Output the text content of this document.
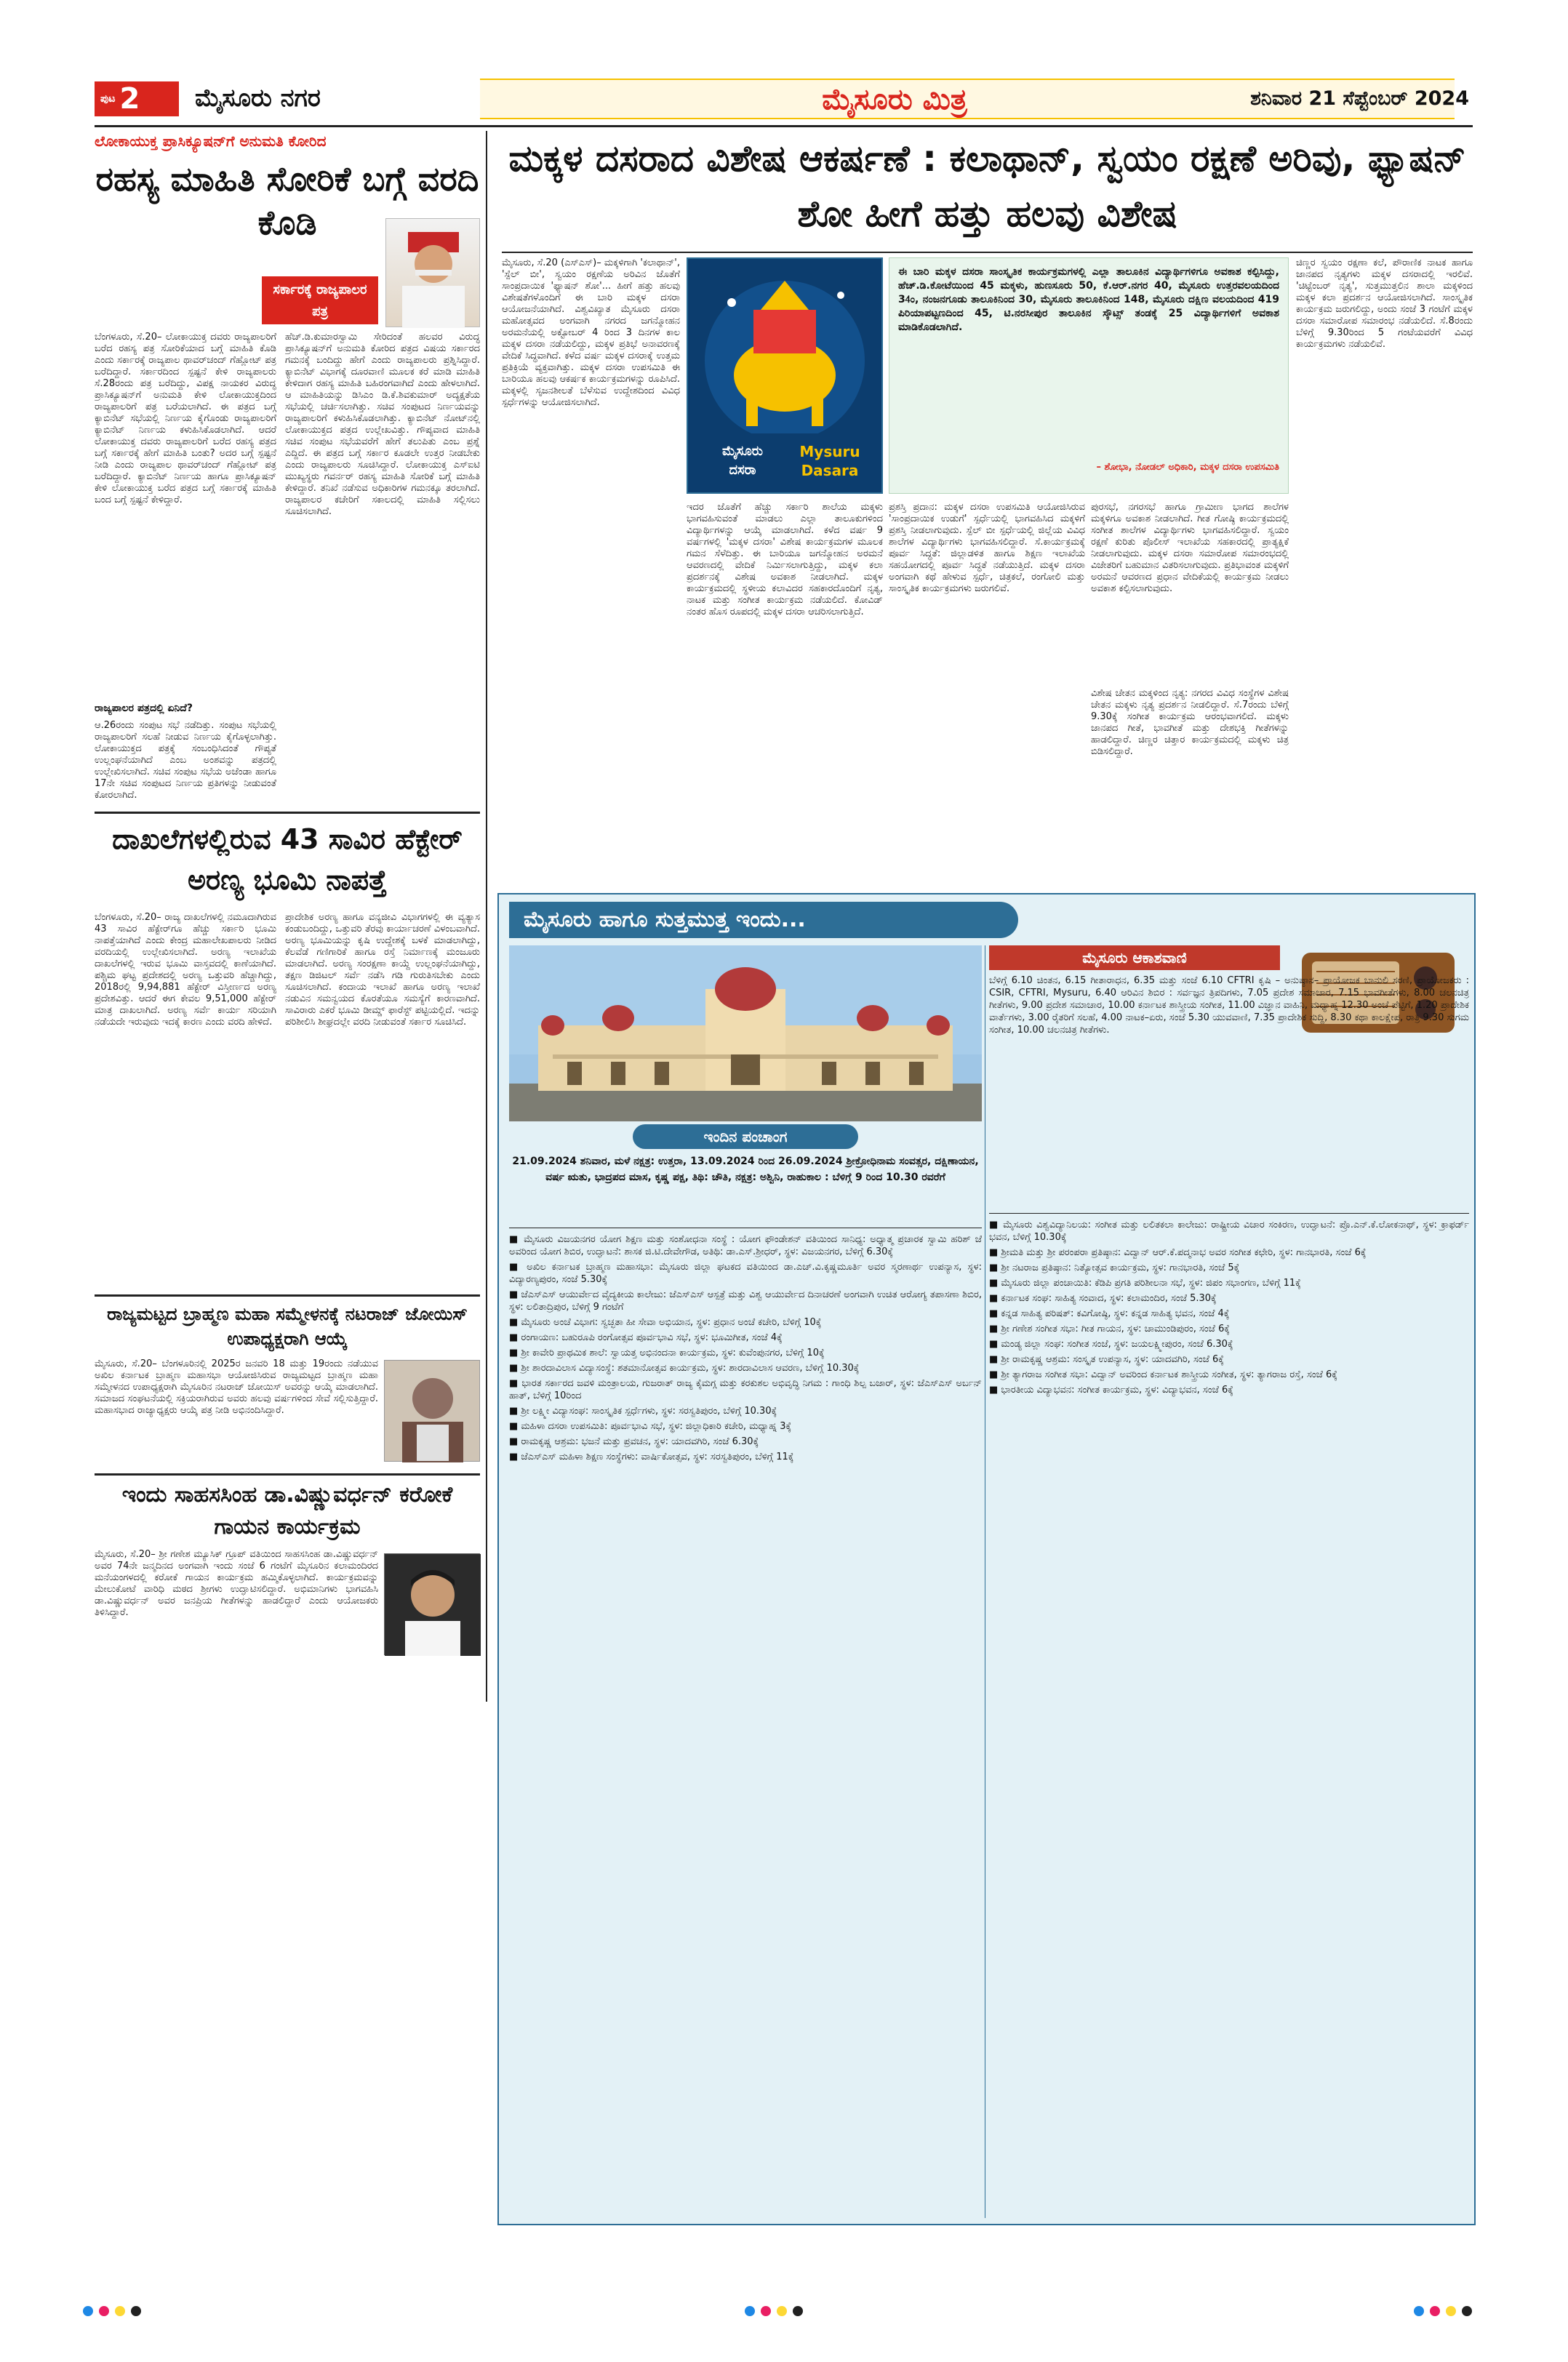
ಪುಟ 2 ಮೈಸೂರು ನಗರ	ಮೈಸೂರು ಮಿತ್ರ	ಶನಿವಾರ 21 ಸೆಪ್ಟೆಂಬರ್ 2024
ಲೋಕಾಯುಕ್ತ ಪ್ರಾಸಿಕ್ಯೂಷನ್‌ಗೆ ಅನುಮತಿ ಕೋರಿದ
ರಹಸ್ಯ ಮಾಹಿತಿ ಸೋರಿಕೆ ಬಗ್ಗೆ ವರದಿ ಕೊಡಿ
ಸರ್ಕಾರಕ್ಕೆ ರಾಜ್ಯಪಾಲರ ಪತ್ರ
ಬೆಂಗಳೂರು, ಸೆ.20– ಲೋಕಾಯುಕ್ತ ದವರು ರಾಜ್ಯಪಾಲರಿಗೆ ಬರೆದ ರಹಸ್ಯ ಪತ್ರ ಸೋರಿಕೆಯಾದ ಬಗ್ಗೆ ಮಾಹಿತಿ ಕೊಡಿ ಎಂದು ಸರ್ಕಾರಕ್ಕೆ ರಾಜ್ಯಪಾಲ ಥಾವರ್‌ಚಂದ್ ಗೆಹ್ಲೋಟ್ ಪತ್ರ ಬರೆದಿದ್ದಾರೆ. ಸರ್ಕಾರದಿಂದ ಸ್ಪಷ್ಟನೆ ಕೇಳಿ ರಾಜ್ಯಪಾಲರು ಸೆ.28ರಂದು ಪತ್ರ ಬರೆದಿದ್ದು, ವಿಪಕ್ಷ ನಾಯಕರ ವಿರುದ್ಧ ಪ್ರಾಸಿಕ್ಯೂಷನ್‌ಗೆ ಅನುಮತಿ ಕೇಳಿ ಲೋಕಾಯುಕ್ತದಿಂದ ರಾಜ್ಯಪಾಲರಿಗೆ ಪತ್ರ ಬರೆಯಲಾಗಿದೆ. ಈ ಪತ್ರದ ಬಗ್ಗೆ ಕ್ಯಾಬಿನೆಟ್ ಸಭೆಯಲ್ಲಿ ನಿರ್ಣಯ ಕೈಗೊಂಡು ರಾಜ್ಯಪಾಲರಿಗೆ ಕ್ಯಾಬಿನೆಟ್ ನಿರ್ಣಯ ಕಳುಹಿಸಿಕೊಡಲಾಗಿದೆ. ಆದರೆ ಲೋಕಾಯುಕ್ತ ದವರು ರಾಜ್ಯಪಾಲರಿಗೆ ಬರೆದ ರಹಸ್ಯ ಪತ್ರದ ಬಗ್ಗೆ ಸರ್ಕಾರಕ್ಕೆ ಹೇಗೆ ಮಾಹಿತಿ ಬಂತು? ಅದರ ಬಗ್ಗೆ ಸ್ಪಷ್ಟನೆ ನೀಡಿ ಎಂದು ರಾಜ್ಯಪಾಲ ಥಾವರ್‌ಚಂದ್ ಗೆಹ್ಲೋಟ್ ಪತ್ರ ಬರೆದಿದ್ದಾರೆ. ಕ್ಯಾಬಿನೆಟ್ ನಿರ್ಣಯ ಹಾಗೂ ಪ್ರಾಸಿಕ್ಯೂಷನ್ ಕೇಳಿ ಲೋಕಾಯುಕ್ತ ಬರೆದ ಪತ್ರದ ಬಗ್ಗೆ ಸರ್ಕಾರಕ್ಕೆ ಮಾಹಿತಿ ಬಂದ ಬಗ್ಗೆ ಸ್ಪಷ್ಟನೆ ಕೇಳಿದ್ದಾರೆ.
ಹೆಚ್.ಡಿ.ಕುಮಾರಸ್ವಾಮಿ ಸೇರಿದಂತೆ ಹಲವರ ವಿರುದ್ಧ ಪ್ರಾಸಿಕ್ಯೂಷನ್‌ಗೆ ಅನುಮತಿ ಕೋರಿದ ಪತ್ರದ ವಿಷಯ ಸರ್ಕಾರದ ಗಮನಕ್ಕೆ ಬಂದಿದ್ದು ಹೇಗೆ ಎಂದು ರಾಜ್ಯಪಾಲರು ಪ್ರಶ್ನಿಸಿದ್ದಾರೆ. ಕ್ಯಾಬಿನೆಟ್ ವಿಭಾಗಕ್ಕೆ ದೂರವಾಣಿ ಮೂಲಕ ಕರೆ ಮಾಡಿ ಮಾಹಿತಿ ಕೇಳಿದಾಗ ರಹಸ್ಯ ಮಾಹಿತಿ ಬಹಿರಂಗವಾಗಿದೆ ಎಂದು ಹೇಳಲಾಗಿದೆ. ಆ ಮಾಹಿತಿಯನ್ನು ಡಿಸಿಎಂ ಡಿ.ಕೆ.ಶಿವಕುಮಾರ್ ಅದ್ಯಕ್ಷತೆಯ ಸಭೆಯಲ್ಲಿ ಚರ್ಚಿಸಲಾಗಿತ್ತು. ಸಚಿವ ಸಂಪುಟದ ನಿರ್ಣಯವನ್ನು ರಾಜ್ಯಪಾಲರಿಗೆ ಕಳುಹಿಸಿಕೊಡಲಾಗಿತ್ತು. ಕ್ಯಾಬಿನೆಟ್ ನೋಟ್‌ನಲ್ಲಿ ಲೋಕಾಯುಕ್ತದ ಪತ್ರದ ಉಲ್ಲೇಖವಿತ್ತು. ಗೌಪ್ಯವಾದ ಮಾಹಿತಿ ಸಚಿವ ಸಂಪುಟ ಸಭೆಯವರೆಗೆ ಹೇಗೆ ತಲುಪಿತು ಎಂಬ ಪ್ರಶ್ನೆ ಎದ್ದಿದೆ. ಈ ಪತ್ರದ ಬಗ್ಗೆ ಸರ್ಕಾರ ಕೂಡಲೇ ಉತ್ತರ ನೀಡಬೇಕು ಎಂದು ರಾಜ್ಯಪಾಲರು ಸೂಚಿಸಿದ್ದಾರೆ. ಲೋಕಾಯುಕ್ತ ಎಸ್‌ಐಟಿ ಮುಖ್ಯಸ್ಥರು ಗವರ್ನರ್ ರಹಸ್ಯ ಮಾಹಿತಿ ಸೋರಿಕೆ ಬಗ್ಗೆ ಮಾಹಿತಿ ಕೇಳಿದ್ದಾರೆ. ತನಿಖೆ ನಡೆಸುವ ಅಧಿಕಾರಿಗಳ ಗಮನಕ್ಕೂ ತರಲಾಗಿದೆ. ರಾಜ್ಯಪಾಲರ ಕಚೇರಿಗೆ ಸಕಾಲದಲ್ಲಿ ಮಾಹಿತಿ ಸಲ್ಲಿಸಲು ಸೂಚಿಸಲಾಗಿದೆ.
ರಾಜ್ಯಪಾಲರ ಪತ್ರದಲ್ಲಿ ಏನಿದೆ?
ಆ.26ರಂದು ಸಂಪುಟ ಸಭೆ ನಡೆದಿತ್ತು. ಸಂಪುಟ ಸಭೆಯಲ್ಲಿ ರಾಜ್ಯಪಾಲರಿಗೆ ಸಲಹೆ ನೀಡುವ ನಿರ್ಣಯ ಕೈಗೊಳ್ಳಲಾಗಿತ್ತು. ಲೋಕಾಯುಕ್ತದ ಪತ್ರಕ್ಕೆ ಸಂಬಂಧಿಸಿದಂತೆ ಗೌಪ್ಯತೆ ಉಲ್ಲಂಘನೆಯಾಗಿದೆ ಎಂಬ ಅಂಶವನ್ನು ಪತ್ರದಲ್ಲಿ ಉಲ್ಲೇಖಿಸಲಾಗಿದೆ. ಸಚಿವ ಸಂಪುಟ ಸಭೆಯ ಅಜೆಂಡಾ ಹಾಗೂ 17ನೇ ಸಚಿವ ಸಂಪುಟದ ನಿರ್ಣಯ ಪ್ರತಿಗಳನ್ನು ನೀಡುವಂತೆ ಕೋರಲಾಗಿದೆ.
ದಾಖಲೆಗಳಲ್ಲಿರುವ 43 ಸಾವಿರ ಹೆಕ್ಟೇರ್ ಅರಣ್ಯ ಭೂಮಿ ನಾಪತ್ತೆ
ಬೆಂಗಳೂರು, ಸೆ.20– ರಾಜ್ಯ ದಾಖಲೆಗಳಲ್ಲಿ ನಮೂದಾಗಿರುವ 43 ಸಾವಿರ ಹೆಕ್ಟೇರ್‌ಗೂ ಹೆಚ್ಚು ಸರ್ಕಾರಿ ಭೂಮಿ ನಾಪತ್ತೆಯಾಗಿದೆ ಎಂದು ಕೇಂದ್ರ ಮಹಾಲೇಖಪಾಲರು ನೀಡಿದ ವರದಿಯಲ್ಲಿ ಉಲ್ಲೇಖಿಸಲಾಗಿದೆ. ಅರಣ್ಯ ಇಲಾಖೆಯ ದಾಖಲೆಗಳಲ್ಲಿ ಇರುವ ಭೂಮಿ ವಾಸ್ತವದಲ್ಲಿ ಕಾಣೆಯಾಗಿದೆ. ಪಶ್ಚಿಮ ಘಟ್ಟ ಪ್ರದೇಶದಲ್ಲಿ ಅರಣ್ಯ ಒತ್ತುವರಿ ಹೆಚ್ಚಾಗಿದ್ದು, 2018ರಲ್ಲಿ 9,94,881 ಹೆಕ್ಟೇರ್ ವಿಸ್ತೀರ್ಣದ ಅರಣ್ಯ ಪ್ರದೇಶವಿತ್ತು. ಆದರೆ ಈಗ ಕೇವಲ 9,51,000 ಹೆಕ್ಟೇರ್ ಮಾತ್ರ ದಾಖಲಾಗಿದೆ. ಅರಣ್ಯ ಸರ್ವೆ ಕಾರ್ಯ ಸರಿಯಾಗಿ ನಡೆಯದೇ ಇರುವುದು ಇದಕ್ಕೆ ಕಾರಣ ಎಂದು ವರದಿ ಹೇಳಿದೆ.
ಪ್ರಾದೇಶಿಕ ಅರಣ್ಯ ಹಾಗೂ ವನ್ಯಜೀವಿ ವಿಭಾಗಗಳಲ್ಲಿ ಈ ವ್ಯತ್ಯಾಸ ಕಂಡುಬಂದಿದ್ದು, ಒತ್ತುವರಿ ತೆರವು ಕಾರ್ಯಾಚರಣೆ ವಿಳಂಬವಾಗಿದೆ. ಅರಣ್ಯ ಭೂಮಿಯನ್ನು ಕೃಷಿ ಉದ್ದೇಶಕ್ಕೆ ಬಳಕೆ ಮಾಡಲಾಗಿದ್ದು, ಕೆಲವೆಡೆ ಗಣಿಗಾರಿಕೆ ಹಾಗೂ ರಸ್ತೆ ನಿರ್ಮಾಣಕ್ಕೆ ಮಂಜೂರು ಮಾಡಲಾಗಿದೆ. ಅರಣ್ಯ ಸಂರಕ್ಷಣಾ ಕಾಯ್ದೆ ಉಲ್ಲಂಘನೆಯಾಗಿದ್ದು, ತಕ್ಷಣ ಡಿಜಿಟಲ್ ಸರ್ವೆ ನಡೆಸಿ ಗಡಿ ಗುರುತಿಸಬೇಕು ಎಂದು ಸೂಚಿಸಲಾಗಿದೆ. ಕಂದಾಯ ಇಲಾಖೆ ಹಾಗೂ ಅರಣ್ಯ ಇಲಾಖೆ ನಡುವಿನ ಸಮನ್ವಯದ ಕೊರತೆಯೂ ಸಮಸ್ಯೆಗೆ ಕಾರಣವಾಗಿದೆ. ಸಾವಿರಾರು ಎಕರೆ ಭೂಮಿ ಡೀಮ್ಡ್ ಫಾರೆಸ್ಟ್ ಪಟ್ಟಿಯಲ್ಲಿದೆ. ಇದನ್ನು ಪರಿಶೀಲಿಸಿ ಶೀಘ್ರದಲ್ಲೇ ವರದಿ ನೀಡುವಂತೆ ಸರ್ಕಾರ ಸೂಚಿಸಿದೆ.
ರಾಜ್ಯಮಟ್ಟದ ಬ್ರಾಹ್ಮಣ ಮಹಾ ಸಮ್ಮೇಳನಕ್ಕೆ ನಟರಾಜ್ ಜೋಯಿಸ್ ಉಪಾಧ್ಯಕ್ಷರಾಗಿ ಆಯ್ಕೆ
ಮೈಸೂರು, ಸೆ.20– ಬೆಂಗಳೂರಿನಲ್ಲಿ 2025ರ ಜನವರಿ 18 ಮತ್ತು 19ರಂದು ನಡೆಯುವ ಅಖಿಲ ಕರ್ನಾಟಕ ಬ್ರಾಹ್ಮಣ ಮಹಾಸಭಾ ಆಯೋಜಿಸಿರುವ ರಾಜ್ಯಮಟ್ಟದ ಬ್ರಾಹ್ಮಣ ಮಹಾ ಸಮ್ಮೇಳನದ ಉಪಾಧ್ಯಕ್ಷರಾಗಿ ಮೈಸೂರಿನ ನಟರಾಜ್ ಜೋಯಿಸ್ ಅವರನ್ನು ಆಯ್ಕೆ ಮಾಡಲಾಗಿದೆ. ಸಮಾಜದ ಸಂಘಟನೆಯಲ್ಲಿ ಸಕ್ರಿಯರಾಗಿರುವ ಅವರು ಹಲವು ವರ್ಷಗಳಿಂದ ಸೇವೆ ಸಲ್ಲಿಸುತ್ತಿದ್ದಾರೆ. ಮಹಾಸಭಾದ ರಾಜ್ಯಾಧ್ಯಕ್ಷರು ಆಯ್ಕೆ ಪತ್ರ ನೀಡಿ ಅಭಿನಂದಿಸಿದ್ದಾರೆ.
ಇಂದು ಸಾಹಸಸಿಂಹ ಡಾ.ವಿಷ್ಣುವರ್ಧನ್ ಕರೋಕೆ ಗಾಯನ ಕಾರ್ಯಕ್ರಮ
ಮೈಸೂರು, ಸೆ.20– ಶ್ರೀ ಗಣೇಶ ಮ್ಯೂಸಿಕ್ ಗ್ರೂಪ್ ವತಿಯಿಂದ ಸಾಹಸಸಿಂಹ ಡಾ.ವಿಷ್ಣುವರ್ಧನ್ ಅವರ 74ನೇ ಜನ್ಮದಿನದ ಅಂಗವಾಗಿ ಇಂದು ಸಂಜೆ 6 ಗಂಟೆಗೆ ಮೈಸೂರಿನ ಕಲಾಮಂದಿರದ ಮನೆಯಂಗಳದಲ್ಲಿ ಕರೋಕೆ ಗಾಯನ ಕಾರ್ಯಕ್ರಮ ಹಮ್ಮಿಕೊಳ್ಳಲಾಗಿದೆ. ಕಾರ್ಯಕ್ರಮವನ್ನು ಮೇಲುಕೋಟೆ ವಾರಿಧಿ ಮಠದ ಶ್ರೀಗಳು ಉದ್ಘಾಟಿಸಲಿದ್ದಾರೆ. ಅಭಿಮಾನಿಗಳು ಭಾಗವಹಿಸಿ ಡಾ.ವಿಷ್ಣುವರ್ಧನ್ ಅವರ ಜನಪ್ರಿಯ ಗೀತೆಗಳನ್ನು ಹಾಡಲಿದ್ದಾರೆ ಎಂದು ಆಯೋಜಕರು ತಿಳಿಸಿದ್ದಾರೆ.
ಮಕ್ಕಳ ದಸರಾದ ವಿಶೇಷ ಆಕರ್ಷಣೆ : ಕಲಾಥಾನ್, ಸ್ವಯಂ ರಕ್ಷಣೆ ಅರಿವು, ಫ್ಯಾಷನ್ ಶೋ ಹೀಗೆ ಹತ್ತು ಹಲವು ವಿಶೇಷ
ಮೈಸೂರು, ಸೆ.20 (ಎಸ್‌ಎಸ್)– ಮಕ್ಕಳಿಗಾಗಿ 'ಕಲಾಥಾನ್', 'ಸ್ಪೆಲ್ ಬೀ', ಸ್ವಯಂ ರಕ್ಷಣೆಯ ಅರಿವಿನ ಜೊತೆಗೆ ಸಾಂಪ್ರದಾಯಿಕ 'ಫ್ಯಾಷನ್ ಶೋ'... ಹೀಗೆ ಹತ್ತು ಹಲವು ವಿಶೇಷತೆಗಳೊಂದಿಗೆ ಈ ಬಾರಿ ಮಕ್ಕಳ ದಸರಾ ಆಯೋಜನೆಯಾಗಿದೆ. ವಿಶ್ವವಿಖ್ಯಾತ ಮೈಸೂರು ದಸರಾ ಮಹೋತ್ಸವದ ಅಂಗವಾಗಿ ನಗರದ ಜಗನ್ಮೋಹನ ಅರಮನೆಯಲ್ಲಿ ಅಕ್ಟೋಬರ್ 4 ರಿಂದ 3 ದಿನಗಳ ಕಾಲ ಮಕ್ಕಳ ದಸರಾ ನಡೆಯಲಿದ್ದು, ಮಕ್ಕಳ ಪ್ರತಿಭೆ ಅನಾವರಣಕ್ಕೆ ವೇದಿಕೆ ಸಿದ್ಧವಾಗಿದೆ. ಕಳೆದ ವರ್ಷ ಮಕ್ಕಳ ದಸರಾಕ್ಕೆ ಉತ್ತಮ ಪ್ರತಿಕ್ರಿಯೆ ವ್ಯಕ್ತವಾಗಿತ್ತು. ಮಕ್ಕಳ ದಸರಾ ಉಪಸಮಿತಿ ಈ ಬಾರಿಯೂ ಹಲವು ಆಕರ್ಷಕ ಕಾರ್ಯಕ್ರಮಗಳನ್ನು ರೂಪಿಸಿದೆ. ಮಕ್ಕಳಲ್ಲಿ ಸೃಜನಶೀಲತೆ ಬೆಳೆಸುವ ಉದ್ದೇಶದಿಂದ ವಿವಿಧ ಸ್ಪರ್ಧೆಗಳನ್ನು ಆಯೋಜಿಸಲಾಗಿದೆ.
ಮೈಸೂರು
ದಸರಾ
Mysuru
Dasara
ಈ ಬಾರಿ ಮಕ್ಕಳ ದಸರಾ ಸಾಂಸ್ಕೃತಿಕ ಕಾರ್ಯಕ್ರಮಗಳಲ್ಲಿ ಎಲ್ಲಾ ತಾಲೂಕಿನ ವಿದ್ಯಾರ್ಥಿಗಳಿಗೂ ಅವಕಾಶ ಕಲ್ಪಿಸಿದ್ದು, ಹೆಚ್.ಡಿ.ಕೋಟೆಯಿಂದ 45 ಮಕ್ಕಳು, ಹುಣಸೂರು 50, ಕೆ.ಆರ್.ನಗರ 40, ಮೈಸೂರು ಉತ್ತರವಲಯದಿಂದ 34ಂ, ನಂಜನಗೂಡು ತಾಲೂಕಿನಿಂದ 30, ಮೈಸೂರು ತಾಲೂಕಿನಿಂದ 148, ಮೈಸೂರು ದಕ್ಷಿಣ ವಲಯದಿಂದ 419 ಪಿರಿಯಾಪಟ್ಟಣದಿಂದ 45, ಟಿ.ನರಸೀಪುರ ತಾಲೂಕಿನ ಸ್ಕೌಟ್ಸ್ ತಂಡಕ್ಕೆ 25 ವಿದ್ಯಾರ್ಥಿಗಳಿಗೆ ಅವಕಾಶ ಮಾಡಿಕೊಡಲಾಗಿದೆ.
– ಶೋಭಾ, ನೋಡಲ್ ಅಧಿಕಾರಿ, ಮಕ್ಕಳ ದಸರಾ ಉಪಸಮಿತಿ
ಚಿಣ್ಣರ ಸ್ವಯಂ ರಕ್ಷಣಾ ಕಲೆ, ಪೌರಾಣಿಕ ನಾಟಕ ಹಾಗೂ ಜಾನಪದ ನೃತ್ಯಗಳು ಮಕ್ಕಳ ದಸರಾದಲ್ಲಿ ಇರಲಿವೆ. 'ಚಿಟ್ಟೆಂಬರ್ ನೃತ್ಯ', ಸುತ್ತಮುತ್ತಲಿನ ಶಾಲಾ ಮಕ್ಕಳಿಂದ ಮಕ್ಕಳ ಕಲಾ ಪ್ರದರ್ಶನ ಆಯೋಜಿಸಲಾಗಿದೆ. ಸಾಂಸ್ಕೃತಿಕ ಕಾರ್ಯಕ್ರಮ ಜರುಗಲಿದ್ದು, ಅಂದು ಸಂಜೆ 3 ಗಂಟೆಗೆ ಮಕ್ಕಳ ದಸರಾ ಸಮಾರೋಪ ಸಮಾರಂಭ ನಡೆಯಲಿದೆ. ಸೆ.8ರಂದು ಬೆಳಿಗ್ಗೆ 9.30ರಿಂದ 5 ಗಂಟೆಯವರೆಗೆ ವಿವಿಧ ಕಾರ್ಯಕ್ರಮಗಳು ನಡೆಯಲಿವೆ.
ಇದರ ಜೊತೆಗೆ ಹೆಚ್ಚು ಸರ್ಕಾರಿ ಶಾಲೆಯ ಮಕ್ಕಳು ಭಾಗವಹಿಸುವಂತೆ ಮಾಡಲು ಎಲ್ಲಾ ತಾಲೂಕುಗಳಿಂದ ವಿದ್ಯಾರ್ಥಿಗಳನ್ನು ಆಯ್ಕೆ ಮಾಡಲಾಗಿದೆ. ಕಳೆದ ವರ್ಷ 9 ವರ್ಷಗಳಲ್ಲಿ 'ಮಕ್ಕಳ ದಸರಾ' ವಿಶೇಷ ಕಾರ್ಯಕ್ರಮಗಳ ಮೂಲಕ ಗಮನ ಸೆಳೆದಿತ್ತು. ಈ ಬಾರಿಯೂ ಜಗನ್ಮೋಹನ ಅರಮನೆ ಆವರಣದಲ್ಲಿ ವೇದಿಕೆ ನಿರ್ಮಿಸಲಾಗುತ್ತಿದ್ದು, ಮಕ್ಕಳ ಕಲಾ ಪ್ರದರ್ಶನಕ್ಕೆ ವಿಶೇಷ ಅವಕಾಶ ನೀಡಲಾಗಿದೆ. ಮಕ್ಕಳ ಕಾರ್ಯಕ್ರಮದಲ್ಲಿ ಸ್ಥಳೀಯ ಕಲಾವಿದರ ಸಹಕಾರದೊಂದಿಗೆ ನೃತ್ಯ, ನಾಟಕ ಮತ್ತು ಸಂಗೀತ ಕಾರ್ಯಕ್ರಮ ನಡೆಯಲಿದೆ. ಕೋವಿಡ್ ನಂತರ ಹೊಸ ರೂಪದಲ್ಲಿ ಮಕ್ಕಳ ದಸರಾ ಆಚರಿಸಲಾಗುತ್ತಿದೆ.
ಪ್ರಶಸ್ತಿ ಪ್ರದಾನ: ಮಕ್ಕಳ ದಸರಾ ಉಪಸಮಿತಿ ಆಯೋಜಿಸಿರುವ 'ಸಾಂಪ್ರದಾಯಿಕ ಉಡುಗೆ' ಸ್ಪರ್ಧೆಯಲ್ಲಿ ಭಾಗವಹಿಸಿದ ಮಕ್ಕಳಿಗೆ ಪ್ರಶಸ್ತಿ ನೀಡಲಾಗುವುದು. ಸ್ಪೆಲ್ ಬೀ ಸ್ಪರ್ಧೆಯಲ್ಲಿ ಜಿಲ್ಲೆಯ ವಿವಿಧ ಶಾಲೆಗಳ ವಿದ್ಯಾರ್ಥಿಗಳು ಭಾಗವಹಿಸಲಿದ್ದಾರೆ. ಸೆ.ಕಾರ್ಯಕ್ರಮಕ್ಕೆ ಪೂರ್ವ ಸಿದ್ಧತೆ: ಜಿಲ್ಲಾಡಳಿತ ಹಾಗೂ ಶಿಕ್ಷಣ ಇಲಾಖೆಯ ಸಹಯೋಗದಲ್ಲಿ ಪೂರ್ವ ಸಿದ್ಧತೆ ನಡೆಯುತ್ತಿದೆ. ಮಕ್ಕಳ ದಸರಾ ಅಂಗವಾಗಿ ಕಥೆ ಹೇಳುವ ಸ್ಪರ್ಧೆ, ಚಿತ್ರಕಲೆ, ರಂಗೋಲಿ ಮತ್ತು ಸಾಂಸ್ಕೃತಿಕ ಕಾರ್ಯಕ್ರಮಗಳು ಜರುಗಲಿವೆ.
ಪುರಸಭೆ, ನಗರಸಭೆ ಹಾಗೂ ಗ್ರಾಮೀಣ ಭಾಗದ ಶಾಲೆಗಳ ಮಕ್ಕಳಿಗೂ ಅವಕಾಶ ನೀಡಲಾಗಿದೆ. ಗೀತ ಗೋಷ್ಠಿ ಕಾರ್ಯಕ್ರಮದಲ್ಲಿ ಸಂಗೀತ ಶಾಲೆಗಳ ವಿದ್ಯಾರ್ಥಿಗಳು ಭಾಗವಹಿಸಲಿದ್ದಾರೆ. ಸ್ವಯಂ ರಕ್ಷಣೆ ಕುರಿತು ಪೊಲೀಸ್ ಇಲಾಖೆಯ ಸಹಕಾರದಲ್ಲಿ ಪ್ರಾತ್ಯಕ್ಷಿಕೆ ನೀಡಲಾಗುವುದು. ಮಕ್ಕಳ ದಸರಾ ಸಮಾರೋಪ ಸಮಾರಂಭದಲ್ಲಿ ವಿಜೇತರಿಗೆ ಬಹುಮಾನ ವಿತರಿಸಲಾಗುವುದು. ಪ್ರತಿಭಾವಂತ ಮಕ್ಕಳಿಗೆ ಅರಮನೆ ಆವರಣದ ಪ್ರಧಾನ ವೇದಿಕೆಯಲ್ಲಿ ಕಾರ್ಯಕ್ರಮ ನೀಡಲು ಅವಕಾಶ ಕಲ್ಪಿಸಲಾಗುವುದು.
ವಿಶೇಷ ಚೇತನ ಮಕ್ಕಳಿಂದ ನೃತ್ಯ: ನಗರದ ವಿವಿಧ ಸಂಸ್ಥೆಗಳ ವಿಶೇಷ ಚೇತನ ಮಕ್ಕಳು ನೃತ್ಯ ಪ್ರದರ್ಶನ ನೀಡಲಿದ್ದಾರೆ. ಸೆ.7ರಂದು ಬೆಳಿಗ್ಗೆ 9.30ಕ್ಕೆ ಸಂಗೀತ ಕಾರ್ಯಕ್ರಮ ಆರಂಭವಾಗಲಿದೆ. ಮಕ್ಕಳು ಜಾನಪದ ಗೀತೆ, ಭಾವಗೀತೆ ಮತ್ತು ದೇಶಭಕ್ತಿ ಗೀತೆಗಳನ್ನು ಹಾಡಲಿದ್ದಾರೆ. ಚಿಣ್ಣರ ಚಿತ್ತಾರ ಕಾರ್ಯಕ್ರಮದಲ್ಲಿ ಮಕ್ಕಳು ಚಿತ್ರ ಬಿಡಿಸಲಿದ್ದಾರೆ.
ಮೈಸೂರು ಹಾಗೂ ಸುತ್ತಮುತ್ತ ಇಂದು...
ಇಂದಿನ ಪಂಚಾಂಗ
21.09.2024 ಶನಿವಾರ, ಮಳೆ ನಕ್ಷತ್ರ: ಉತ್ತರಾ, 13.09.2024 ರಿಂದ 26.09.2024 ಶ್ರೀಕ್ರೋಧಿನಾಮ ಸಂವತ್ಸರ, ದಕ್ಷಿಣಾಯನ, ವರ್ಷ ಋತು, ಭಾದ್ರಪದ ಮಾಸ, ಕೃಷ್ಣ ಪಕ್ಷ, ತಿಥಿ: ಚೌತಿ, ನಕ್ಷತ್ರ: ಅಶ್ವಿನಿ, ರಾಹುಕಾಲ : ಬೆಳಿಗ್ಗೆ 9 ರಿಂದ 10.30 ರವರೆಗೆ

■ ಮೈಸೂರು ವಿಜಯನಗರ ಯೋಗ ಶಿಕ್ಷಣ ಮತ್ತು ಸಂಶೋಧನಾ ಸಂಸ್ಥೆ : ಯೋಗ ಫೌಂಡೇಶನ್ ವತಿಯಿಂದ ಸಾನಿಧ್ಯ: ಅಧ್ಯಾತ್ಮ ಪ್ರಚಾರಕ ಸ್ವಾಮಿ ಹರಿಶ್ ಜೆ ಅವರಿಂದ ಯೋಗ ಶಿಬಿರ, ಉದ್ಘಾಟನೆ: ಶಾಸಕ ಜಿ.ಟಿ.ದೇವೇಗೌಡ, ಅತಿಥಿ: ಡಾ.ಎಸ್.ಶ್ರೀಧರ್, ಸ್ಥಳ: ವಿಜಯನಗರ, ಬೆಳಿಗ್ಗೆ 6.30ಕ್ಕೆ

■ ಅಖಿಲ ಕರ್ನಾಟಕ ಬ್ರಾಹ್ಮಣ ಮಹಾಸಭಾ: ಮೈಸೂರು ಜಿಲ್ಲಾ ಘಟಕದ ವತಿಯಿಂದ ಡಾ.ಎಚ್.ವಿ.ಕೃಷ್ಣಮೂರ್ತಿ ಅವರ ಸ್ಮರಣಾರ್ಥ ಉಪನ್ಯಾಸ, ಸ್ಥಳ: ವಿದ್ಯಾರಣ್ಯಪುರಂ, ಸಂಜೆ 5.30ಕ್ಕೆ

■ ಜೆಎಸ್‌ಎಸ್ ಆಯುರ್ವೇದ ವೈದ್ಯಕೀಯ ಕಾಲೇಜು: ಜೆಎಸ್‌ಎಸ್ ಆಸ್ಪತ್ರೆ ಮತ್ತು ವಿಶ್ವ ಆಯುರ್ವೇದ ದಿನಾಚರಣೆ ಅಂಗವಾಗಿ ಉಚಿತ ಆರೋಗ್ಯ ತಪಾಸಣಾ ಶಿಬಿರ, ಸ್ಥಳ: ಲಲಿತಾದ್ರಿಪುರ, ಬೆಳಿಗ್ಗೆ 9 ಗಂಟೆಗೆ

■ ಮೈಸೂರು ಅಂಚೆ ವಿಭಾಗ: ಸ್ವಚ್ಛತಾ ಹೀ ಸೇವಾ ಅಭಿಯಾನ, ಸ್ಥಳ: ಪ್ರಧಾನ ಅಂಚೆ ಕಚೇರಿ, ಬೆಳಿಗ್ಗೆ 10ಕ್ಕೆ

■ ರಂಗಾಯಣ: ಬಹುರೂಪಿ ರಂಗೋತ್ಸವ ಪೂರ್ವಭಾವಿ ಸಭೆ, ಸ್ಥಳ: ಭೂಮಿಗೀತ, ಸಂಜೆ 4ಕ್ಕೆ

■ ಶ್ರೀ ಕಾವೇರಿ ಪ್ರಾಥಮಿಕ ಶಾಲೆ: ಸ್ವಾಯತ್ತ ಅಭಿನಂದನಾ ಕಾರ್ಯಕ್ರಮ, ಸ್ಥಳ: ಕುವೆಂಪುನಗರ, ಬೆಳಿಗ್ಗೆ 10ಕ್ಕೆ

■ ಶ್ರೀ ಶಾರದಾವಿಲಾಸ ವಿದ್ಯಾಸಂಸ್ಥೆ: ಶತಮಾನೋತ್ಸವ ಕಾರ್ಯಕ್ರಮ, ಸ್ಥಳ: ಶಾರದಾವಿಲಾಸ ಆವರಣ, ಬೆಳಿಗ್ಗೆ 10.30ಕ್ಕೆ

■ ಭಾರತ ಸರ್ಕಾರದ ಜವಳಿ ಮಂತ್ರಾಲಯ, ಗುಜರಾತ್ ರಾಜ್ಯ ಕೈಮಗ್ಗ ಮತ್ತು ಕರಕುಶಲ ಅಭಿವೃದ್ಧಿ ನಿಗಮ : ಗಾಂಧಿ ಶಿಲ್ಪ ಬಜಾರ್, ಸ್ಥಳ: ಜೆಎಸ್‌ಎಸ್ ಅರ್ಬನ್ ಹಾತ್, ಬೆಳಿಗ್ಗೆ 10ರಿಂದ

■ ಶ್ರೀ ಲಕ್ಷ್ಮೀ ವಿದ್ಯಾಸಂಘ: ಸಾಂಸ್ಕೃತಿಕ ಸ್ಪರ್ಧೆಗಳು, ಸ್ಥಳ: ಸರಸ್ವತಿಪುರಂ, ಬೆಳಿಗ್ಗೆ 10.30ಕ್ಕೆ

■ ಮಹಿಳಾ ದಸರಾ ಉಪಸಮಿತಿ: ಪೂರ್ವಭಾವಿ ಸಭೆ, ಸ್ಥಳ: ಜಿಲ್ಲಾಧಿಕಾರಿ ಕಚೇರಿ, ಮಧ್ಯಾಹ್ನ 3ಕ್ಕೆ

■ ರಾಮಕೃಷ್ಣ ಆಶ್ರಮ: ಭಜನೆ ಮತ್ತು ಪ್ರವಚನ, ಸ್ಥಳ: ಯಾದವಗಿರಿ, ಸಂಜೆ 6.30ಕ್ಕೆ

■ ಜೆಎಸ್‌ಎಸ್ ಮಹಿಳಾ ಶಿಕ್ಷಣ ಸಂಸ್ಥೆಗಳು: ವಾರ್ಷಿಕೋತ್ಸವ, ಸ್ಥಳ: ಸರಸ್ವತಿಪುರಂ, ಬೆಳಿಗ್ಗೆ 11ಕ್ಕೆ

ಮೈಸೂರು ಆಕಾಶವಾಣಿ
ಬೆಳಿಗ್ಗೆ 6.10 ಚಿಂತನ, 6.15 ಗೀತಾರಾಧನ, 6.35 ಮತ್ತು ಸಂಜೆ 6.10 CFTRI ಕೃಷಿ – ಅನುಷ್ಠಾನ– ಪ್ರಾಯೋಜಕ ಬಾನುಲಿ ಸರಣಿ, ಪ್ರಾಯೋಜಕರು : CSIR, CFTRI, Mysuru, 6.40 ಆರಿವಿನ ಶಿಬಿರ : ಸರ್ವಜ್ಞನ ತ್ರಿಪದಿಗಳು, 7.05 ಪ್ರದೇಶ ಸಮಾಚಾರ, 7.15 ಭಾವಗೀತೆಗಳು, 8.00 ಚಲನಚಿತ್ರ ಗೀತೆಗಳು, 9.00 ಪ್ರದೇಶ ಸಮಾಚಾರ, 10.00 ಕರ್ನಾಟಕ ಶಾಸ್ತ್ರೀಯ ಸಂಗೀತ, 11.00 ವಿಜ್ಞಾನ ವಾಹಿನಿ, ಮಧ್ಯಾಹ್ನ 12.30 ಅಂಚೆ ಪೆಟ್ಟಿಗೆ, 1.20 ಪ್ರಾದೇಶಿಕ ವಾರ್ತೆಗಳು, 3.00 ರೈತರಿಗೆ ಸಲಹೆ, 4.00 ನಾಟಕ–ಏರು, ಸಂಜೆ 5.30 ಯುವವಾಣಿ, 7.35 ಪ್ರಾದೇಶಿಕ ಸುದ್ದಿ, 8.30 ಕಥಾ ಕಾಲಕ್ಷೇಪ, ರಾತ್ರಿ 9.30 ಸುಗಮ ಸಂಗೀತ, 10.00 ಚಲನಚಿತ್ರ ಗೀತೆಗಳು.

■ ಮೈಸೂರು ವಿಶ್ವವಿದ್ಯಾನಿಲಯ: ಸಂಗೀತ ಮತ್ತು ಲಲಿತಕಲಾ ಕಾಲೇಜು: ರಾಷ್ಟ್ರೀಯ ವಿಚಾರ ಸಂಕಿರಣ, ಉದ್ಘಾಟನೆ: ಪ್ರೊ.ಎನ್.ಕೆ.ಲೋಕನಾಥ್, ಸ್ಥಳ: ಕ್ರಾಫರ್ಡ್ ಭವನ, ಬೆಳಿಗ್ಗೆ 10.30ಕ್ಕೆ

■ ಶ್ರೀಮತಿ ಮತ್ತು ಶ್ರೀ ಪರಂಪರಾ ಪ್ರತಿಷ್ಠಾನ: ವಿದ್ವಾನ್ ಆರ್.ಕೆ.ಪದ್ಮನಾಭ ಅವರ ಸಂಗೀತ ಕಛೇರಿ, ಸ್ಥಳ: ಗಾನಭಾರತಿ, ಸಂಜೆ 6ಕ್ಕೆ

■ ಶ್ರೀ ನಟರಾಜ ಪ್ರತಿಷ್ಠಾನ: ನಿತ್ಯೋತ್ಸವ ಕಾರ್ಯಕ್ರಮ, ಸ್ಥಳ: ಗಾನಭಾರತಿ, ಸಂಜೆ 5ಕ್ಕೆ

■ ಮೈಸೂರು ಜಿಲ್ಲಾ ಪಂಚಾಯಿತಿ: ಕೆಡಿಪಿ ಪ್ರಗತಿ ಪರಿಶೀಲನಾ ಸಭೆ, ಸ್ಥಳ: ಜಿಪಂ ಸಭಾಂಗಣ, ಬೆಳಿಗ್ಗೆ 11ಕ್ಕೆ

■ ಕರ್ನಾಟಕ ಸಂಘ: ಸಾಹಿತ್ಯ ಸಂವಾದ, ಸ್ಥಳ: ಕಲಾಮಂದಿರ, ಸಂಜೆ 5.30ಕ್ಕೆ

■ ಕನ್ನಡ ಸಾಹಿತ್ಯ ಪರಿಷತ್: ಕವಿಗೋಷ್ಠಿ, ಸ್ಥಳ: ಕನ್ನಡ ಸಾಹಿತ್ಯ ಭವನ, ಸಂಜೆ 4ಕ್ಕೆ

■ ಶ್ರೀ ಗಣೇಶ ಸಂಗೀತ ಸಭಾ: ಗೀತ ಗಾಯನ, ಸ್ಥಳ: ಚಾಮುಂಡಿಪುರಂ, ಸಂಜೆ 6ಕ್ಕೆ

■ ಮಂಡ್ಯ ಜಿಲ್ಲಾ ಸಂಘ: ಸಂಗೀತ ಸಂಜೆ, ಸ್ಥಳ: ಜಯಲಕ್ಷ್ಮೀಪುರಂ, ಸಂಜೆ 6.30ಕ್ಕೆ

■ ಶ್ರೀ ರಾಮಕೃಷ್ಣ ಆಶ್ರಮ: ಸಂಸ್ಕೃತ ಉಪನ್ಯಾಸ, ಸ್ಥಳ: ಯಾದವಗಿರಿ, ಸಂಜೆ 6ಕ್ಕೆ

■ ಶ್ರೀ ತ್ಯಾಗರಾಜ ಸಂಗೀತ ಸಭಾ: ವಿದ್ವಾನ್ ಅವರಿಂದ ಕರ್ನಾಟಕ ಶಾಸ್ತ್ರೀಯ ಸಂಗೀತ, ಸ್ಥಳ: ತ್ಯಾಗರಾಜ ರಸ್ತೆ, ಸಂಜೆ 6ಕ್ಕೆ

■ ಭಾರತೀಯ ವಿದ್ಯಾಭವನ: ಸಂಗೀತ ಕಾರ್ಯಕ್ರಮ, ಸ್ಥಳ: ವಿದ್ಯಾಭವನ, ಸಂಜೆ 6ಕ್ಕೆ
